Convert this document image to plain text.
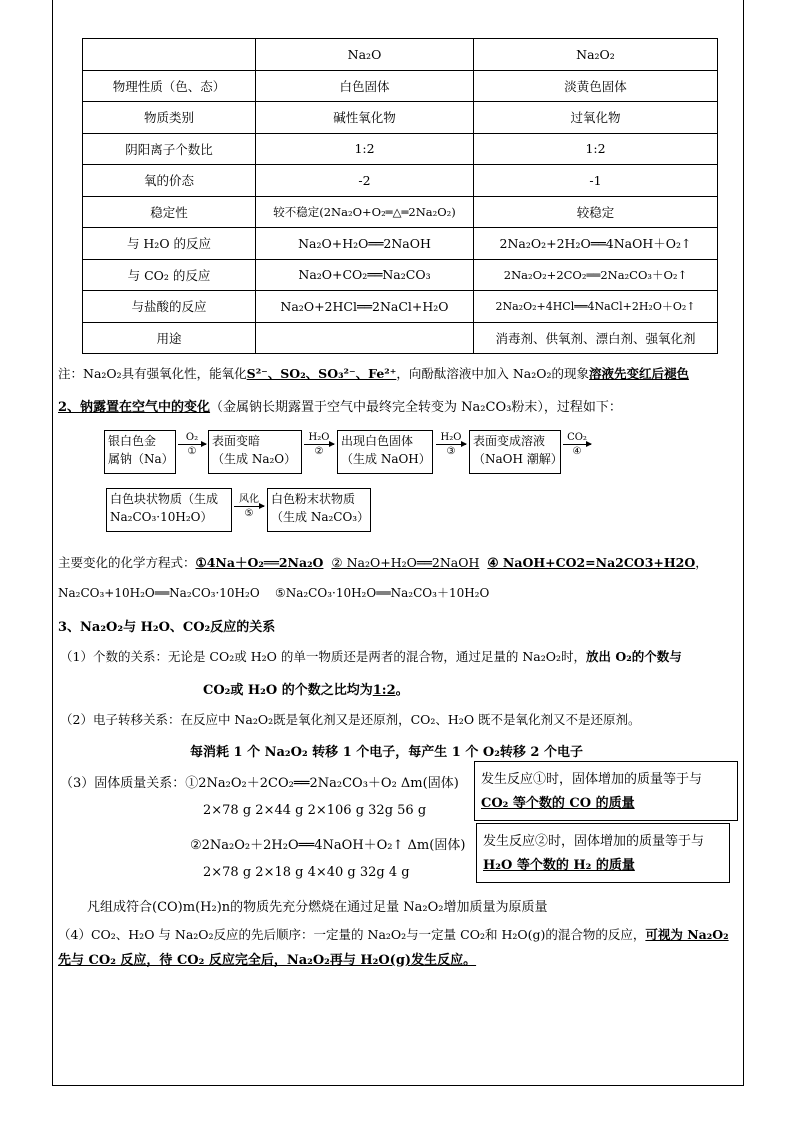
	Na₂O	Na₂O₂
物理性质（色、态）	白色固体	淡黄色固体
物质类别	碱性氧化物	过氧化物
阴阳离子个数比	1:2	1:2
氧的价态	-2	-1
稳定性	较不稳定(2Na₂O+O₂═△═2Na₂O₂)	较稳定
与 H₂O 的反应	Na₂O+H₂O══2NaOH	2Na₂O₂+2H₂O══4NaOH＋O₂↑
与 CO₂ 的反应	Na₂O+CO₂══Na₂CO₃	2Na₂O₂+2CO₂══2Na₂CO₃＋O₂↑
与盐酸的反应	Na₂O+2HCl══2NaCl+H₂O	2Na₂O₂+4HCl══4NaCl+2H₂O＋O₂↑
用途		消毒剂、供氧剂、漂白剂、强氧化剂
注：Na₂O₂具有强氧化性，能氧化S²⁻、SO₂、SO₃²⁻、Fe²⁺，向酚酞溶液中加入 Na₂O₂的现象溶液先变红后褪色
2、钠露置在空气中的变化（金属钠长期露置于空气中最终完全转变为 Na₂CO₃粉末），过程如下：
银白色金
属钠（Na）
O₂
①
表面变暗
（生成 Na₂O）
H₂O
②
出现白色固体
（生成 NaOH）
H₂O
③
表面变成溶液
（NaOH 潮解）
CO₂
④
白色块状物质（生成
Na₂CO₃·10H₂O）
风化
⑤
白色粉末状物质
（生成 Na₂CO₃）
主要变化的化学方程式：①4Na＋O₂══2Na₂O ② Na₂O+H₂O══2NaOH ④ NaOH+CO2=Na2CO3+H2O，
Na₂CO₃+10H₂O══Na₂CO₃·10H₂O ⑤Na₂CO₃·10H₂O══Na₂CO₃＋10H₂O
3、Na₂O₂与 H₂O、CO₂反应的关系
（1）个数的关系：无论是 CO₂或 H₂O 的单一物质还是两者的混合物，通过足量的 Na₂O₂时，放出 O₂的个数与
CO₂或 H₂O 的个数之比均为1:2。
（2）电子转移关系：在反应中 Na₂O₂既是氧化剂又是还原剂，CO₂、H₂O 既不是氧化剂又不是还原剂。
每消耗 1 个 Na₂O₂ 转移 1 个电子，每产生 1 个 O₂转移 2 个电子
（3）固体质量关系：①2Na₂O₂＋2CO₂══2Na₂CO₃＋O₂ Δm(固体)
2×78 g 2×44 g 2×106 g 32g 56 g
②2Na₂O₂＋2H₂O══4NaOH＋O₂↑ Δm(固体)
2×78 g 2×18 g 4×40 g 32g 4 g
发生反应①时，固体增加的质量等于与
CO₂ 等个数的 CO 的质量
发生反应②时，固体增加的质量等于与
H₂O 等个数的 H₂ 的质量
凡组成符合(CO)m(H₂)n的物质先充分燃烧在通过足量 Na₂O₂增加质量为原质量
（4）CO₂、H₂O 与 Na₂O₂反应的先后顺序：一定量的 Na₂O₂与一定量 CO₂和 H₂O(g)的混合物的反应，可视为 Na₂O₂
先与 CO₂ 反应，待 CO₂ 反应完全后，Na₂O₂再与 H₂O(g)发生反应。
